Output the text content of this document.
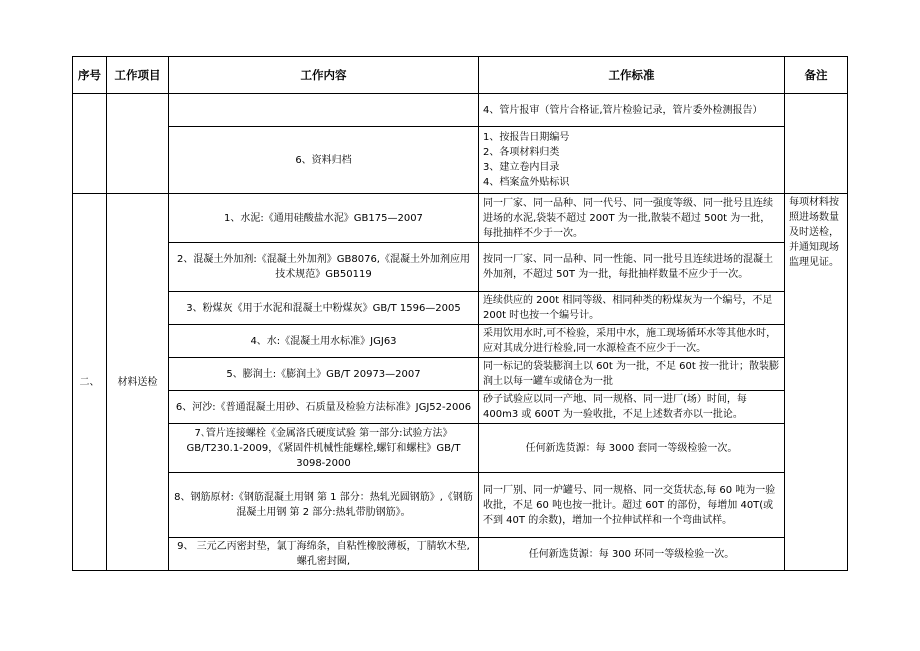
序号	工作项目	工作内容	工作标准	备注
			4、管片报审（管片合格证,管片检验记录，管片委外检测报告）	
		6、资料归档	1、按报告日期编号
2、各项材料归类
3、建立卷内目录
4、档案盒外贴标识	

二、	材料送检	1、水泥:《通用硅酸盐水泥》GB175—2007	同一厂家、同一品种、同一代号、同一强度等级、同一批号且连续进场的水泥,袋装不超过 200T 为一批,散装不超过 500t 为一批，每批抽样不少于一次。	每项材料按照进场数量及时送检，并通知现场监理见证。
		2、混凝土外加剂:《混凝土外加剂》GB8076,《混凝土外加剂应用技术规范》GB50119	按同一厂家、同一品种、同一性能、同一批号且连续进场的混凝土外加剂，不超过 50T 为一批，每批抽样数量不应少于一次。	
		3、粉煤灰《用于水泥和混凝土中粉煤灰》GB/T 1596—2005	连续供应的 200t 相同等级、相同种类的粉煤灰为一个编号，不足 200t 时也按一个编号计。	
		4、水:《混凝土用水标准》JGJ63	采用饮用水时,可不检验，采用中水，施工现场循环水等其他水时，应对其成分进行检验,同一水源检查不应少于一次。	
		5、膨润土:《膨润土》GB/T 20973—2007	同一标记的袋装膨润土以 60t 为一批，不足 60t 按一批计；散装膨润土以每一罐车或储仓为一批	
		6、河沙:《普通混凝土用砂、石质量及检验方法标准》JGJ52-2006	砂子试验应以同一产地、同一规格、同一进厂(场）时间，每 400m3 或 600T 为一验收批，不足上述数者亦以一批论。	
		7､管片连接螺栓《金属洛氏硬度试验 第一部分:试验方法》GB/T230.1-2009，《紧固件机械性能螺栓,螺钉和螺柱》GB/T 3098-2000	任何新选货源：每 3000 套同一等级检验一次。	
		8、钢筋原材:《钢筋混凝土用钢 第 1 部分：热轧光圆钢筋》,《钢筋混凝土用钢 第 2 部分:热轧带肋钢筋》。	同一厂别、同一炉罐号、同一规格、同一交货状态,每 60 吨为一验收批，不足 60 吨也按一批计。超过 60T 的部份，每增加 40T(或不到 40T 的余数)，增加一个拉伸试样和一个弯曲试样。	
		9、 三元乙丙密封垫，氯丁海绵条，自粘性橡胶薄板，丁腈软木垫,螺孔密封圈,	任何新选货源：每 300 环同一等级检验一次。	
